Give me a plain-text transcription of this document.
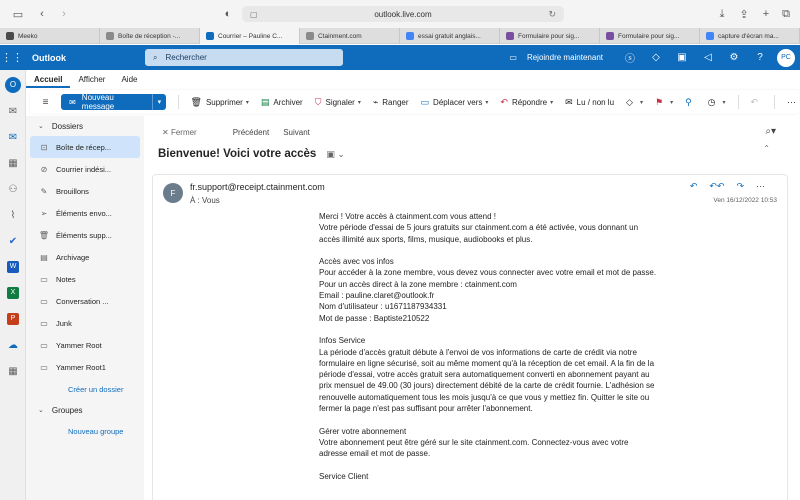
▭	‹	›	◐	▢	outlook.live.com	↻	⤓	⇪	+	⧉
Meeko	Boîte de réception -...	Courrier – Pauline C...	Ctainment.com	essai gratuit anglais...	Formulaire pour sig...	Formulaire pour sig...	capture d'écran ma...
⋮⋮ Outlook	⌕ Rechercher	▭ Rejoindre maintenant	ⓢ	◇	▣	◁	⚙	?	PC
O
✉
✉
▦
⚇
⌇
✔
W
X
P
☁
▦
Accueil	Afficher	Aide
≡	✉ Nouveau message	▾	🗑 Supprimer ▾ ▤ Archiver ⛉ Signaler ▾ ⌁ Ranger ▭ Déplacer vers ▾ ↶ Répondre ▾ ✉ Lu / non lu ◇ ▾ ⚑ ▾ ⚲ ◷ ▾	↶	···
⌄ Dossiers
⊡	Boîte de récep...
⊘	Courrier indési...
✎	Brouillons
➢	Éléments envo...
🗑 Éléments supp...
▤ Archivage
▭ Notes
▭ Conversation ...
▭ Junk
▭ Yammer Root
▭ Yammer Root1
Créer un dossier
⌄ Groupes
Nouveau groupe
✕ Fermer	Précédent Suivant	⌕▾
⌃
Bienvenue! Voici votre accès ▣ ⌄
F
fr.support@receipt.ctainment.com
À : Vous
↶ ↶↶ ↷ ···
Ven 16/12/2022 10:53

Merci ! Votre accès à ctainment.com vous attend !

Votre période d'essai de 5 jours gratuits sur ctainment.com a été activée, vous donnant un accès illimité aux sports, films, musique, audiobooks et plus.

Accès avec vos infos

Pour accéder à la zone membre, vous devez vous connecter avec votre email et mot de passe.

Pour un accès direct à la zone membre : ctainment.com

Email : pauline.claret@outlook.fr

Nom d'utilisateur : u1671187934331

Mot de passe : Baptiste210522

Infos Service

La période d'accès gratuit débute à l'envoi de vos informations de carte de crédit via notre formulaire en ligne sécurisé, soit au même moment qu'à la réception de cet email. A la fin de la période d'essai, votre accès gratuit sera automatiquement converti en abonnement payant au prix mensuel de 49.00 (30 jours) directement débité de la carte de crédit fournie. L'adhésion se renouvelle automatiquement tous les mois jusqu'à ce que vous y mettiez fin. Quitter le site ou fermer la page n'est pas suffisant pour arrêter l'abonnement.

Gérer votre abonnement

Votre abonnement peut être géré sur le site ctainment.com. Connectez-vous avec votre adresse email et mot de passe.

Service Client
